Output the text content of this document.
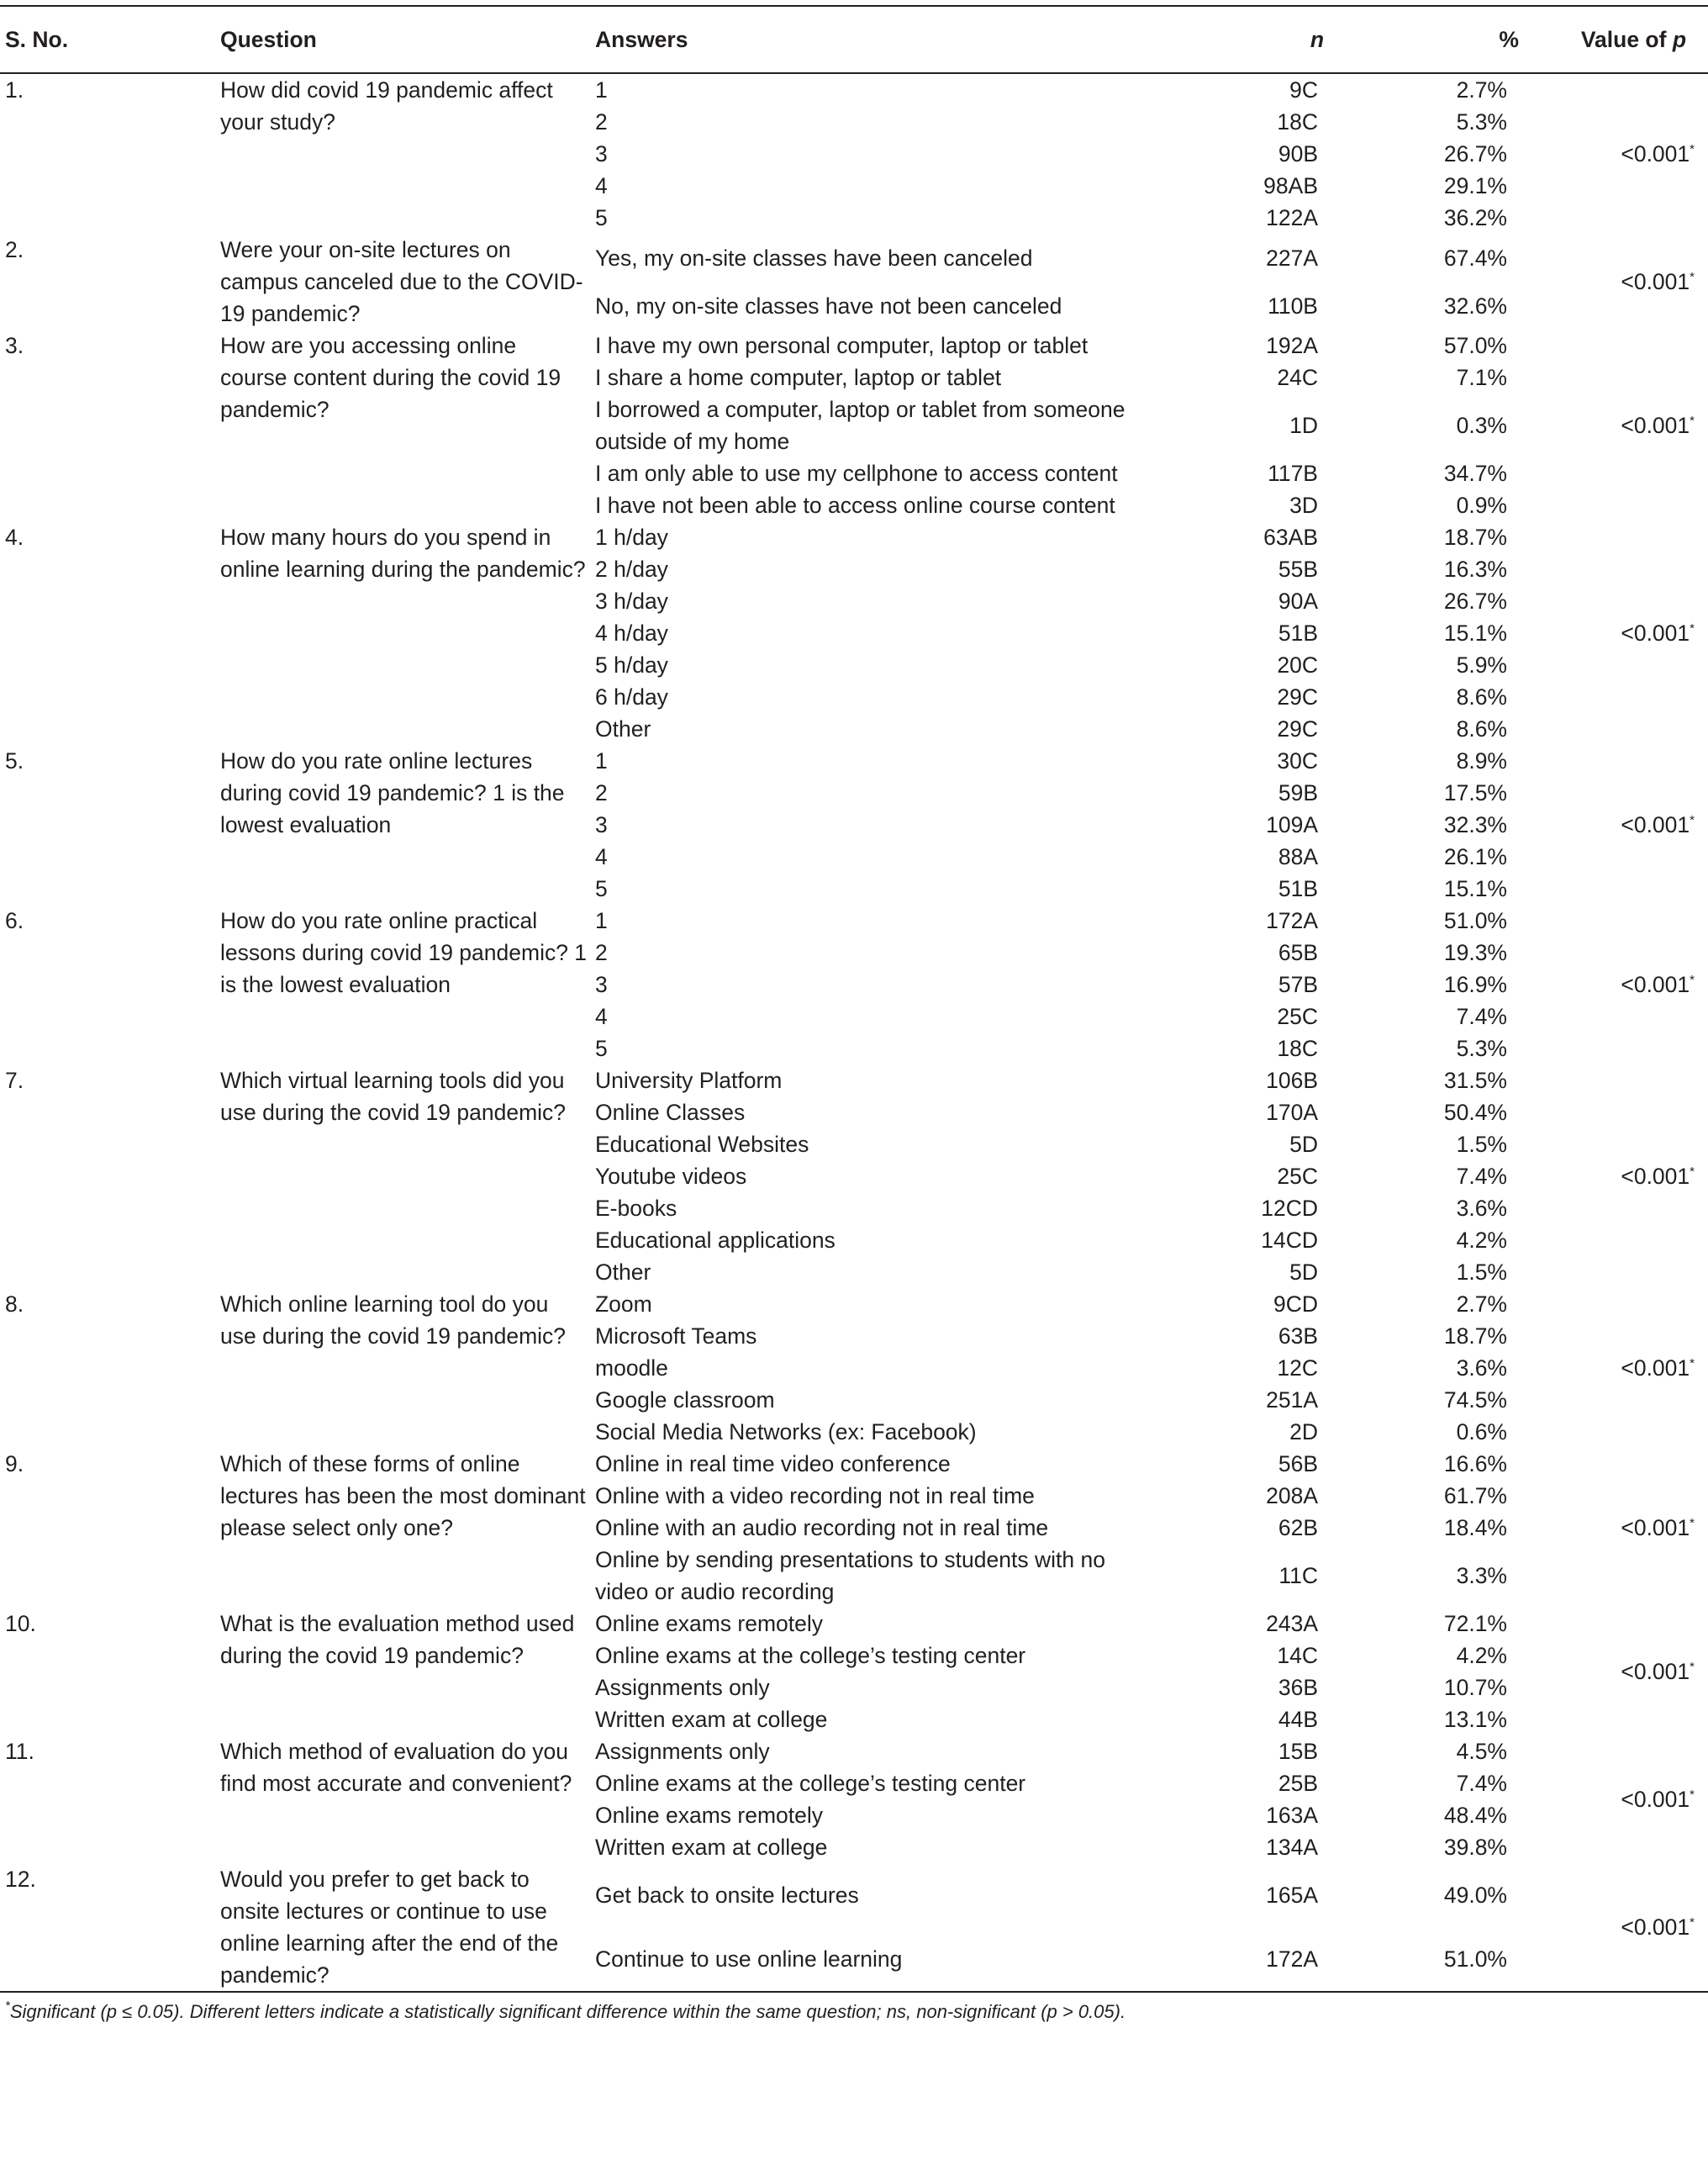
S. No.	Question	Answers	n	%	Value of p
1.	How did covid 19 pandemic affect your study?	1	9C	2.7%	<0.001*
		2	18C	5.3%	
		3	90B	26.7%	
		4	98AB	29.1%	
		5	122A	36.2%	
2.	Were your on-site lectures on campus canceled due to the COVID-19 pandemic?	Yes, my on-site classes have been canceled	227A	67.4%	<0.001*
		No, my on-site classes have not been canceled	110B	32.6%	
3.	How are you accessing online course content during the covid 19 pandemic?	I have my own personal computer, laptop or tablet	192A	57.0%	<0.001*
		I share a home computer, laptop or tablet	24C	7.1%	
		I borrowed a computer, laptop or tablet from someone outside of my home	1D	0.3%	
		I am only able to use my cellphone to access content	117B	34.7%	
		I have not been able to access online course content	3D	0.9%	
4.	How many hours do you spend in online learning during the pandemic?	1 h/day	63AB	18.7%	<0.001*
		2 h/day	55B	16.3%	
		3 h/day	90A	26.7%	
		4 h/day	51B	15.1%	
		5 h/day	20C	5.9%	
		6 h/day	29C	8.6%	
		Other	29C	8.6%	
5.	How do you rate online lectures during covid 19 pandemic? 1 is the lowest evaluation	1	30C	8.9%	<0.001*
		2	59B	17.5%	
		3	109A	32.3%	
		4	88A	26.1%	
		5	51B	15.1%	
6.	How do you rate online practical lessons during covid 19 pandemic? 1 is the lowest evaluation	1	172A	51.0%	<0.001*
		2	65B	19.3%	
		3	57B	16.9%	
		4	25C	7.4%	
		5	18C	5.3%	
7.	Which virtual learning tools did you use during the covid 19 pandemic?	University Platform	106B	31.5%	<0.001*
		Online Classes	170A	50.4%	
		Educational Websites	5D	1.5%	
		Youtube videos	25C	7.4%	
		E-books	12CD	3.6%	
		Educational applications	14CD	4.2%	
		Other	5D	1.5%	
8.	Which online learning tool do you use during the covid 19 pandemic?	Zoom	9CD	2.7%	<0.001*
		Microsoft Teams	63B	18.7%	
		moodle	12C	3.6%	
		Google classroom	251A	74.5%	
		Social Media Networks (ex: Facebook)	2D	0.6%	
9.	Which of these forms of online lectures has been the most dominant please select only one?	Online in real time video conference	56B	16.6%	<0.001*
		Online with a video recording not in real time	208A	61.7%	
		Online with an audio recording not in real time	62B	18.4%	
		Online by sending presentations to students with no video or audio recording	11C	3.3%	
10.	What is the evaluation method used during the covid 19 pandemic?	Online exams remotely	243A	72.1%	<0.001*
		Online exams at the college’s testing center	14C	4.2%	
		Assignments only	36B	10.7%	
		Written exam at college	44B	13.1%	
11.	Which method of evaluation do you find most accurate and convenient?	Assignments only	15B	4.5%	<0.001*
		Online exams at the college’s testing center	25B	7.4%	
		Online exams remotely	163A	48.4%	
		Written exam at college	134A	39.8%	
12.	Would you prefer to get back to onsite lectures or continue to use online learning after the end of the pandemic?	Get back to onsite lectures	165A	49.0%	<0.001*
		Continue to use online learning	172A	51.0%	
*Significant (p ≤ 0.05). Different letters indicate a statistically significant difference within the same question; ns, non-significant (p > 0.05).					
